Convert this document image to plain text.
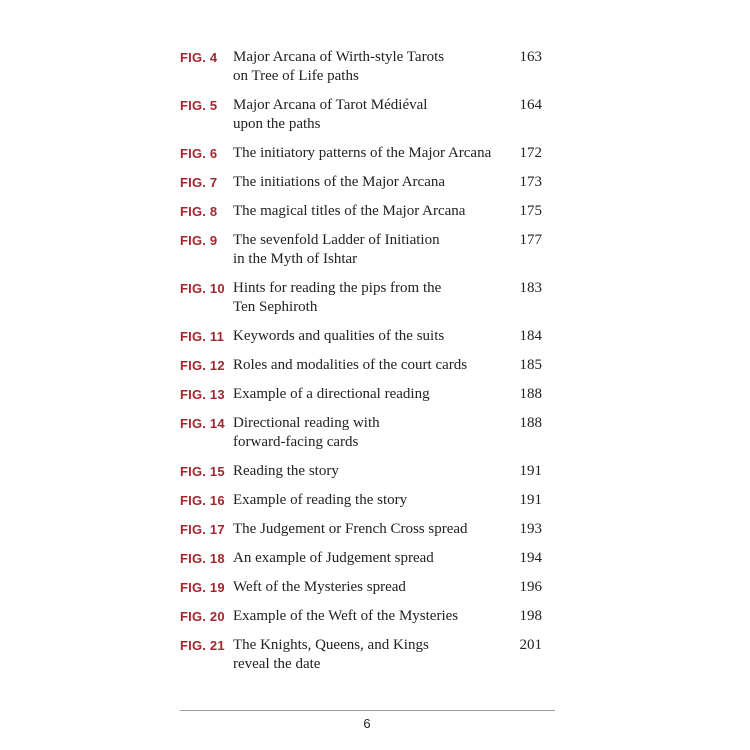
FIG. 4 Major Arcana of Wirth-style Tarots
on Tree of Life paths
163
FIG. 5 Major Arcana of Tarot Médiéval
upon the paths
164
FIG. 6 The initiatory patterns of the Major Arcana	172
FIG. 7 The initiations of the Major Arcana	173
FIG. 8 The magical titles of the Major Arcana	175
FIG. 9 The sevenfold Ladder of Initiation
in the Myth of Ishtar
177
FIG. 10 Hints for reading the pips from the
Ten Sephiroth
183
FIG. 11 Keywords and qualities of the suits	184
FIG. 12 Roles and modalities of the court cards	185
FIG. 13 Example of a directional reading	188
FIG. 14 Directional reading with
forward-facing cards
188
FIG. 15 Reading the story	191
FIG. 16 Example of reading the story	191
FIG. 17 The Judgement or French Cross spread	193
FIG. 18 An example of Judgement spread	194
FIG. 19 Weft of the Mysteries spread	196
FIG. 20 Example of the Weft of the Mysteries	198
FIG. 21 The Knights, Queens, and Kings
reveal the date
201
6
